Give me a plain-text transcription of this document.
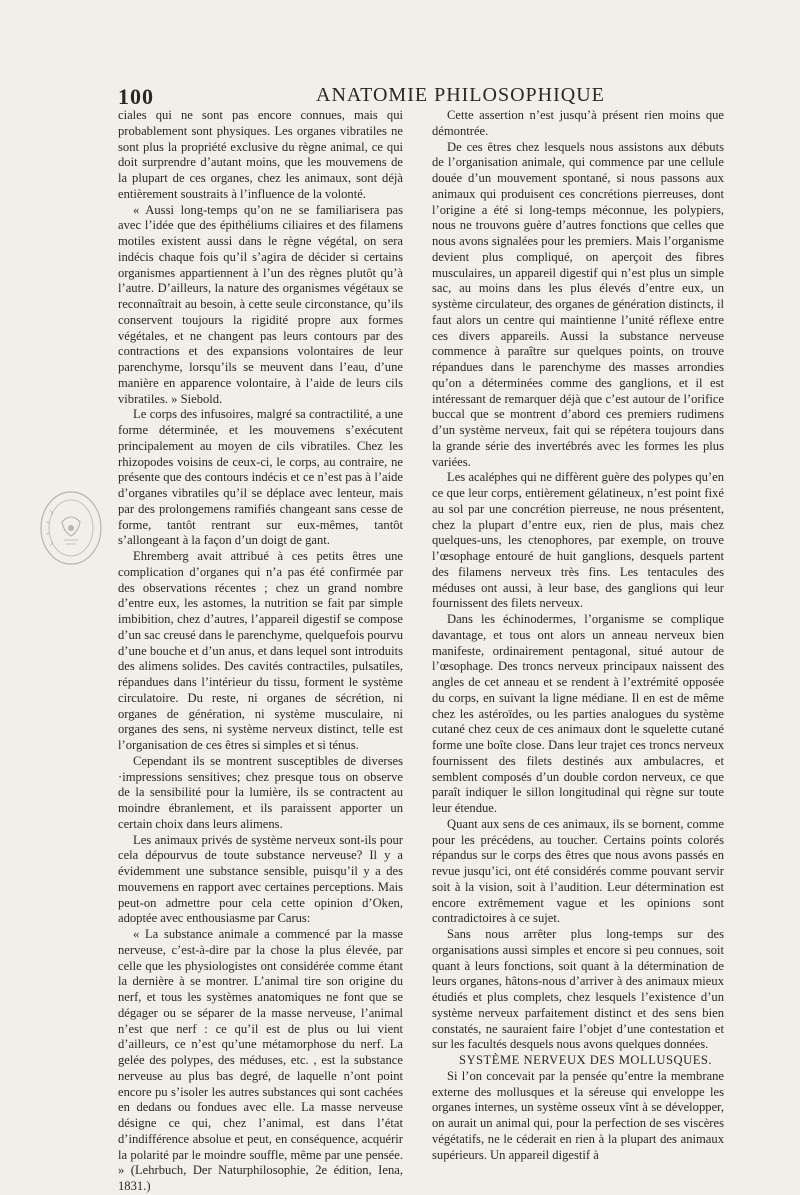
100	ANATOMIE PHILOSOPHIQUE

ciales qui ne sont pas encore connues, mais qui probablement sont physiques. Les organes vibratiles ne sont plus la propriété exclusive du règne animal, ce qui doit surprendre d’autant moins, que les mouvemens de la plupart de ces organes, chez les animaux, sont déjà entièrement soustraits à l’influence de la volonté.

« Aussi long-temps qu’on ne se familiarisera pas avec l’idée que des épithéliums ciliaires et des filamens motiles existent aussi dans le règne végétal, on sera indécis chaque fois qu’il s’agira de décider si certains organismes appartiennent à l’un des règnes plutôt qu’à l’autre. D’ailleurs, la nature des organismes végétaux se reconnaîtrait au besoin, à cette seule circonstance, qu’ils conservent toujours la rigidité propre aux formes végétales, et ne changent pas leurs contours par des contractions et des expansions volontaires de leur parenchyme, lorsqu’ils se meuvent dans l’eau, d’une manière en apparence volontaire, à l’aide de leurs cils vibratiles. » Siebold.

Le corps des infusoires, malgré sa contractilité, a une forme déterminée, et les mouvemens s’exécutent principalement au moyen de cils vibratiles. Chez les rhizopodes voisins de ceux-ci, le corps, au contraire, ne présente que des contours indécis et ce n’est pas à l’aide d’organes vibratiles qu’il se déplace avec lenteur, mais par des prolongemens ramifiés changeant sans cesse de forme, tantôt rentrant sur eux-mêmes, tantôt s’allongeant à la façon d’un doigt de gant.

Ehremberg avait attribué à ces petits êtres une complication d’organes qui n’a pas été confirmée par des observations récentes ; chez un grand nombre d’entre eux, les astomes, la nutrition se fait par simple imbibition, chez d’autres, l’appareil digestif se compose d’un sac creusé dans le parenchyme, quelquefois pourvu d’une bouche et d’un anus, et dans lequel sont introduits des alimens solides. Des cavités contractiles, pulsatiles, répandues dans l’intérieur du tissu, forment le système circulatoire. Du reste, ni organes de sécrétion, ni organes de génération, ni système musculaire, ni organes des sens, ni système nerveux distinct, telle est l’organisation de ces êtres si simples et si ténus.

Cependant ils se montrent susceptibles de diverses ·impressions sensitives; chez presque tous on observe de la sensibilité pour la lumière, ils se contractent au moindre ébranlement, et ils paraissent apporter un certain choix dans leurs alimens.

Les animaux privés de système nerveux sont-ils pour cela dépourvus de toute substance nerveuse? Il y a évidemment une substance sensible, puisqu’il y a des mouvemens en rapport avec certaines perceptions. Mais peut-on admettre pour cela cette opinion d’Oken, adoptée avec enthousiasme par Carus:

« La substance animale a commencé par la masse nerveuse, c’est-à-dire par la chose la plus élevée, par celle que les physiologistes ont considérée comme étant la dernière à se montrer. L’animal tire son origine du nerf, et tous les systèmes anatomiques ne font que se dégager ou se séparer de la masse nerveuse, l’animal n’est que nerf : ce qu’il est de plus ou lui vient d’ailleurs, ce n’est qu’une métamorphose du nerf. La gelée des polypes, des méduses, etc. , est la substance nerveuse au plus bas degré, de laquelle n’ont point encore pu s’isoler les autres substances qui sont cachées en dedans ou fondues avec elle. La masse nerveuse désigne ce qui, chez l’animal, est dans l’état d’indifférence absolue et peut, en conséquence, acquérir la polarité par le moindre souffle, même par une pensée. » (Lehrbuch, Der Naturphilosophie, 2e édition, Iena, 1831.)

Cette assertion n’est jusqu’à présent rien moins que démontrée.

De ces êtres chez lesquels nous assistons aux débuts de l’organisation animale, qui commence par une cellule douée d’un mouvement spontané, si nous passons aux animaux qui produisent ces concrétions pierreuses, dont l’origine a été si long-temps méconnue, les polypiers, nous ne trouvons guère d’autres fonctions que celles que nous avons signalées pour les premiers. Mais l’organisme devient plus compliqué, on aperçoit des fibres musculaires, un appareil digestif qui n’est plus un simple sac, au moins dans les plus élevés d’entre eux, un système circulateur, des organes de génération distincts, il faut alors un centre qui maintienne l’unité réflexe entre ces divers appareils. Aussi la substance nerveuse commence à paraître sur quelques points, on trouve répandues dans le parenchyme des masses arrondies qu’on a déterminées comme des ganglions, et il est intéressant de remarquer déjà que c’est autour de l’orifice buccal que se montrent d’abord ces premiers rudimens d’un système nerveux, fait qui se répétera toujours dans la grande série des invertébrés avec les formes les plus variées.

Les acaléphes qui ne diffèrent guère des polypes qu’en ce que leur corps, entièrement gélatineux, n’est point fixé au sol par une concrétion pierreuse, ne nous présentent, chez la plupart d’entre eux, rien de plus, mais chez quelques-uns, les ctenophores, par exemple, on trouve l’œsophage entouré de huit ganglions, desquels partent des filamens nerveux très fins. Les tentacules des méduses ont aussi, à leur base, des ganglions qui leur fournissent des filets nerveux.

Dans les échinodermes, l’organisme se complique davantage, et tous ont alors un anneau nerveux bien manifeste, ordinairement pentagonal, situé autour de l’œsophage. Des troncs nerveux principaux naissent des angles de cet anneau et se rendent à l’extrémité opposée du corps, en suivant la ligne médiane. Il en est de même chez les astéroïdes, ou les parties analogues du système cutané chez ceux de ces animaux dont le squelette cutané forme une boîte close. Dans leur trajet ces troncs nerveux fournissent des filets destinés aux ambulacres, et semblent composés d’un double cordon nerveux, ce que paraît indiquer le sillon longitudinal qui règne sur toute leur étendue.

Quant aux sens de ces animaux, ils se bornent, comme pour les précédens, au toucher. Certains points colorés répandus sur le corps des êtres que nous avons passés en revue jusqu’ici, ont été considérés comme pouvant servir soit à la vision, soit à l’audition. Leur détermination est encore extrêmement vague et les opinions sont contradictoires à ce sujet.

Sans nous arrêter plus long-temps sur des organisations aussi simples et encore si peu connues, soit quant à leurs fonctions, soit quant à la détermination de leurs organes, hâtons-nous d’arriver à des animaux mieux étudiés et plus complets, chez lesquels l’existence d’un système nerveux parfaitement distinct et des sens bien constatés, ne sauraient faire l’objet d’une contestation et sur les facultés desquels nous avons quelques données.

SYSTÈME NERVEUX DES MOLLUSQUES.

Si l’on concevait par la pensée qu’entre la membrane externe des mollusques et la séreuse qui enveloppe les organes internes, un système osseux vînt à se développer, on aurait un animal qui, pour la perfection de ses viscères végétatifs, ne le céderait en rien à la plupart des animaux supérieurs. Un appareil digestif à
